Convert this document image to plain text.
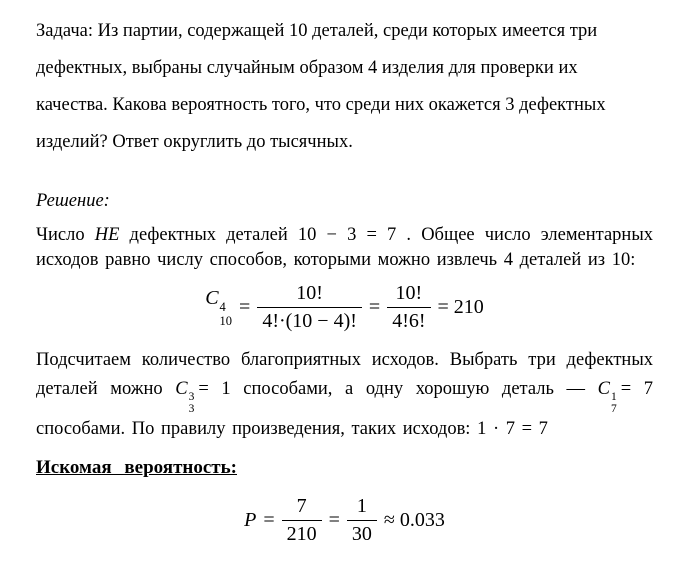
Задача: Из партии, содержащей 10 деталей, среди которых имеется три дефектных, выбраны случайным образом 4 изделия для проверки их качества. Какова вероятность того, что среди них окажется 3 дефектных изделий? Ответ округлить до тысячных.

Решение:

Число НЕ дефектных деталей 10 − 3 = 7 . Общее число элементарных исходов равно числу способов, которыми можно извлечь 4 деталей из 10:

C 4
10
= $\frac{10!}{4!\cdot(10 - 4)!} = \frac{10!}{4!6!} = 210$

Подсчитаем количество благоприятных исходов. Выбрать три дефектных деталей можно C 3
3
= 1 способами, а одну хорошую деталь — C 1
7
= 7 способами. По правилу произведения, таких исходов: 1 · 7 = 7

Искомая вероятность:

$P = \frac{7}{210} = \frac{1}{30} \approx 0.033$
